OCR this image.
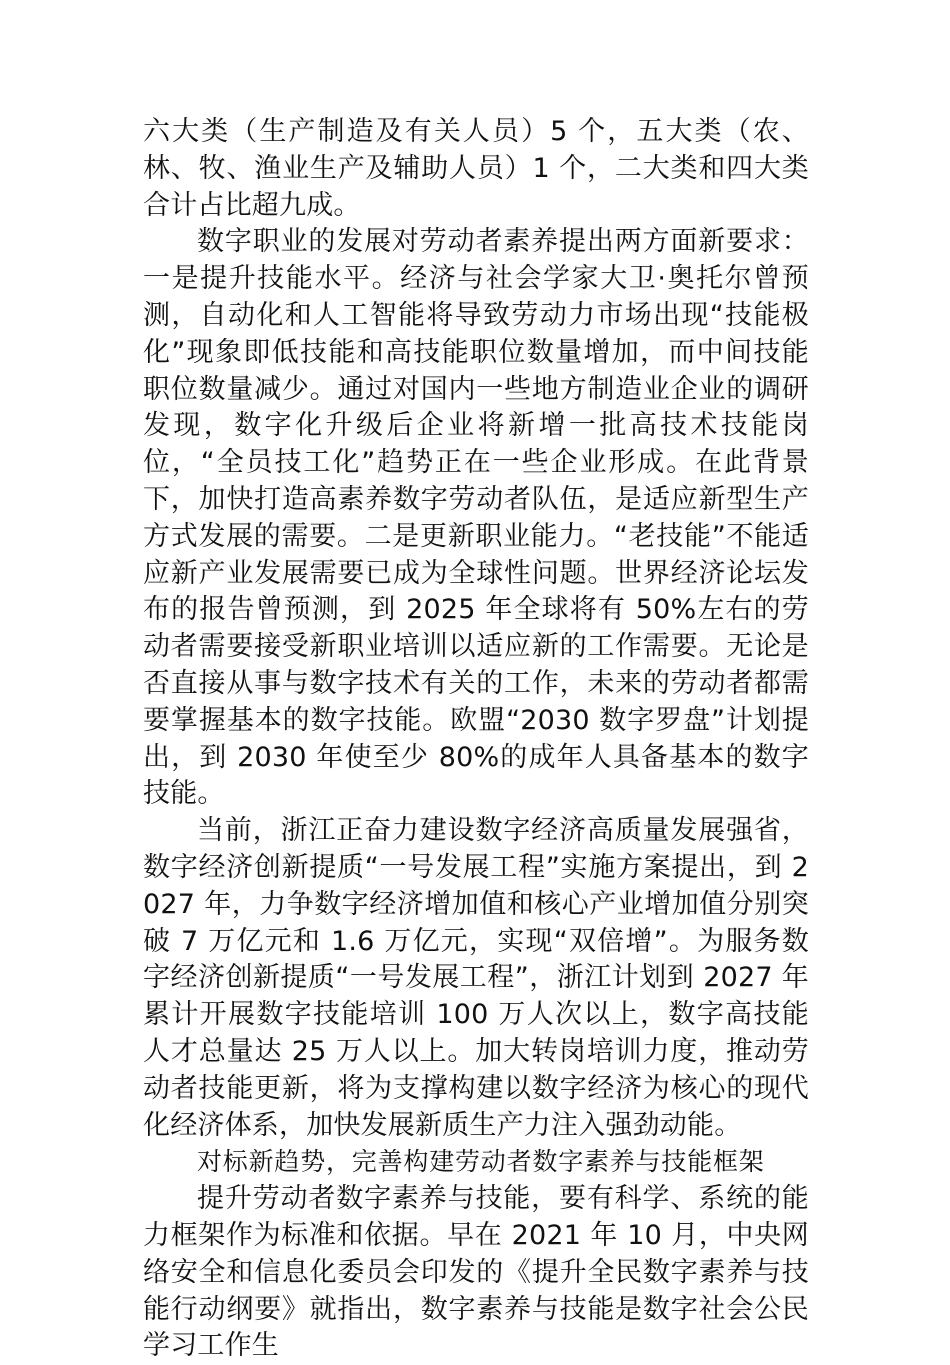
六大类（生产制造及有关人员）5 个，五大类（农、林、牧、渔业生产及辅助人员）1 个，二大类和四大类合计占比超九成。

数字职业的发展对劳动者素养提出两方面新要求：一是提升技能水平。经济与社会学家大卫·奥托尔曾预测，自动化和人工智能将导致劳动力市场出现“技能极化”现象即低技能和高技能职位数量增加，而中间技能职位数量减少。通过对国内一些地方制造业企业的调研发现，数字化升级后企业将新增一批高技术技能岗位，“全员技工化”趋势正在一些企业形成。在此背景下，加快打造高素养数字劳动者队伍，是适应新型生产方式发展的需要。二是更新职业能力。“老技能”不能适应新产业发展需要已成为全球性问题。世界经济论坛发布的报告曾预测，到 2025 年全球将有 50%左右的劳动者需要接受新职业培训以适应新的工作需要。无论是否直接从事与数字技术有关的工作，未来的劳动者都需要掌握基本的数字技能。欧盟“2030 数字罗盘”计划提出，到 2030 年使至少 80%的成年人具备基本的数字技能。

当前，浙江正奋力建设数字经济高质量发展强省，数字经济创新提质“一号发展工程”实施方案提出，到 2027 年，力争数字经济增加值和核心产业增加值分别突破 7 万亿元和 1.6 万亿元，实现“双倍增”。为服务数字经济创新提质“一号发展工程”，浙江计划到 2027 年累计开展数字技能培训 100 万人次以上，数字高技能人才总量达 25 万人以上。加大转岗培训力度，推动劳动者技能更新，将为支撑构建以数字经济为核心的现代化经济体系，加快发展新质生产力注入强劲动能。

对标新趋势，完善构建劳动者数字素养与技能框架

提升劳动者数字素养与技能，要有科学、系统的能力框架作为标准和依据。早在 2021 年 10 月，中央网络安全和信息化委员会印发的《提升全民数字素养与技能行动纲要》就指出，数字素养与技能是数字社会公民学习工作生
